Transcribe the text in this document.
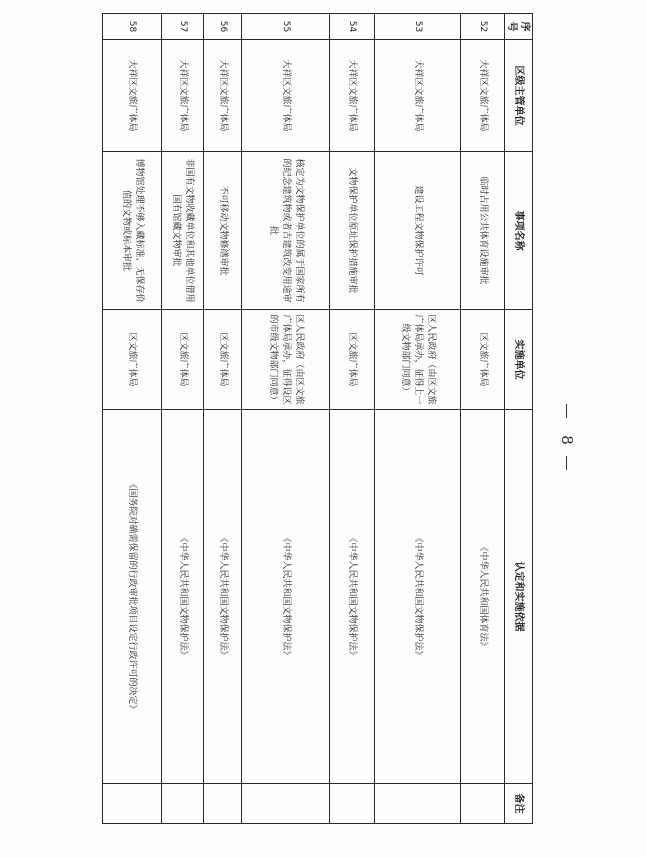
序号	区级主管单位	事项名称	实施单位	认定和实施依据	备注
52	大祥区文旅广体局	临时占用公共体育设施审批	区文旅广体局	《中华人民共和国体育法》	
53	大祥区文旅广体局	建设工程文物保护许可	区人民政府（由区文旅广体局承办，征得上一级文物部门同意）	《中华人民共和国文物保护法》	
54	大祥区文旅广体局	文物保护单位原址保护措施审批	区文旅广体局	《中华人民共和国文物保护法》	
55	大祥区文旅广体局	核定为文物保护单位的属于国家所有的纪念建筑物或者古建筑改变用途审批	区人民政府（由区文旅广体局承办，征得设区的市级文物部门同意）	《中华人民共和国文物保护法》	
56	大祥区文旅广体局	不可移动文物修缮审批	区文旅广体局	《中华人民共和国文物保护法》	
57	大祥区文旅广体局	非国有文物收藏单位和其他单位借用国有馆藏文物审批	区文旅广体局	《中华人民共和国文物保护法》	
58	大祥区文旅广体局	博物馆处理不够入藏标准、无保存价值的文物或标本审批	区文旅广体局	《国务院对确需保留的行政审批项目设定行政许可的决定》	
8
